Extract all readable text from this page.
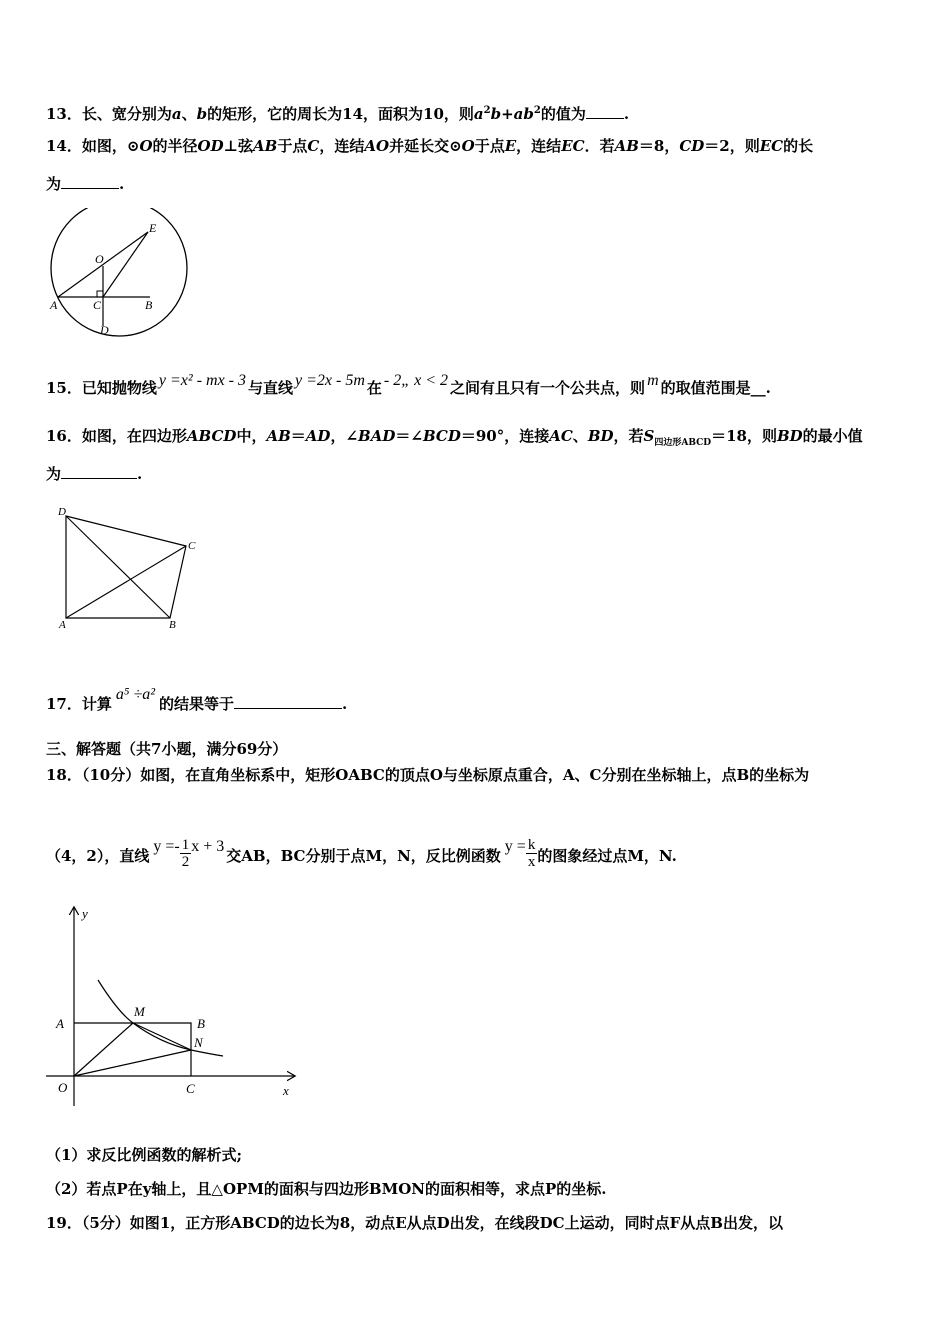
13．长、宽分别为a、b的矩形，它的周长为14，面积为10，则$a^2b+ab^2$的值为	.
14．如图，⊙O的半径OD⊥弦AB于点C，连结AO并延长交⊙O于点E，连结EC．若AB＝8，CD＝2，则EC的长
为	.
E
O
A	C	B
D
15．已知抛物线 y =x² - mx - 3 与直线 y =2x - 5m 在 - 2„ x < 2 之间有且只有一个公共点，则 m 的取值范围是__.
16．如图，在四边形ABCD中，AB＝AD，∠BAD＝∠BCD＝90°，连接AC、BD，若$S_{四边形ABCD}=18$，则BD的最小值
为	.
D
C
A	B
17．计算a⁵ ÷a²的结果等于	.
三、解答题（共7小题，满分69分）
18．（10分）如图，在直角坐标系中，矩形OABC的顶点O与坐标原点重合，A、C分别在坐标轴上，点B的坐标为
（4，2），直线$y =- \frac{1}{2}$ x + 3交AB，BC分别于点M，N，反比例函数$y = \frac{k}{x}$ 的图象经过点M，N.
y
A
M
B
N
O	C	x
（1）求反比例函数的解析式;
（2）若点P在y轴上，且△OPM的面积与四边形BMON的面积相等，求点P的坐标.
19．（5分）如图1，正方形ABCD的边长为8，动点E从点D出发，在线段DC上运动，同时点F从点B出发，以
